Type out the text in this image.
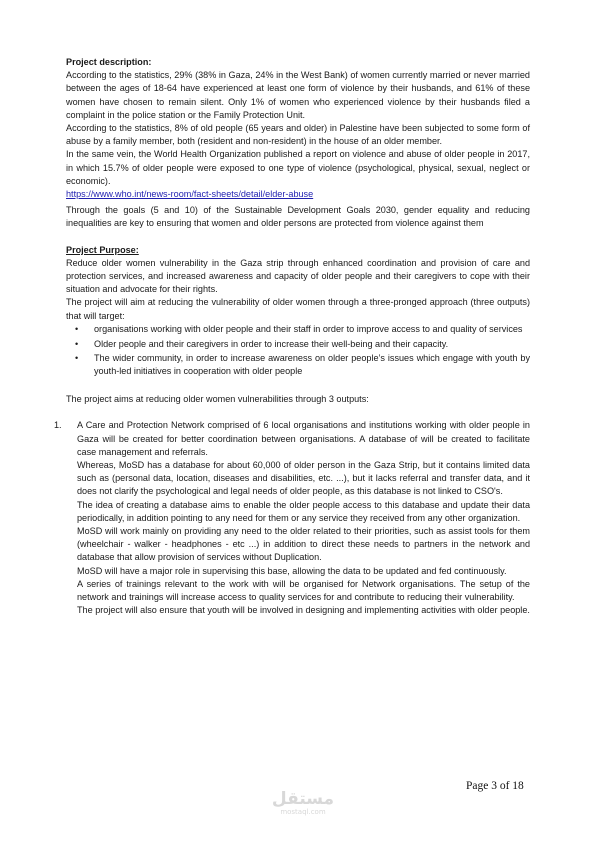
Project description:

According to the statistics, 29% (38% in Gaza, 24% in the West Bank) of women currently married or never married between the ages of 18-64 have experienced at least one form of violence by their husbands, and 61% of these women have chosen to remain silent. Only 1% of women who experienced violence by their husbands filed a complaint in the police station or the Family Protection Unit.

According to the statistics, 8% of old people (65 years and older) in Palestine have been subjected to some form of abuse by a family member, both (resident and non-resident) in the house of an older member.

In the same vein, the World Health Organization published a report on violence and abuse of older people in 2017, in which 15.7% of older people were exposed to one type of violence (psychological, physical, sexual, neglect or economic).

https://www.who.int/news-room/fact-sheets/detail/elder-abuse

Through the goals (5 and 10) of the Sustainable Development Goals 2030, gender equality and reducing inequalities are key to ensuring that women and older persons are protected from violence against them

Project Purpose:

Reduce older women vulnerability in the Gaza strip through enhanced coordination and provision of care and protection services, and increased awareness and capacity of older people and their caregivers to cope with their situation and advocate for their rights.

The project will aim at reducing the vulnerability of older women through a three-pronged approach (three outputs) that will target:

• organisations working with older people and their staff in order to improve access to and quality of services
• Older people and their caregivers in order to increase their well-being and their capacity.
• The wider community, in order to increase awareness on older people’s issues which engage with youth by youth-led initiatives in cooperation with older people

The project aims at reducing older women vulnerabilities through 3 outputs:

1. A Care and Protection Network comprised of 6 local organisations and institutions working with older people in Gaza will be created for better coordination between organisations. A database of will be created to facilitate case management and referrals.

Whereas, MoSD has a database for about 60,000 of older person in the Gaza Strip, but it contains limited data such as (personal data, location, diseases and disabilities, etc. ...), but it lacks referral and transfer data, and it does not clarify the psychological and legal needs of older people, as this database is not linked to CSO's.

The idea of creating a database aims to enable the older people access to this database and update their data periodically, in addition pointing to any need for them or any service they received from any other organization.

MoSD will work mainly on providing any need to the older related to their priorities, such as assist tools for them (wheelchair - walker - headphones - etc ...) in addition to direct these needs to partners in the network and database that allow provision of services without Duplication.

MoSD will have a major role in supervising this base, allowing the data to be updated and fed continuously.

A series of trainings relevant to the work with will be organised for Network organisations. The setup of the network and trainings will increase access to quality services for and contribute to reducing their vulnerability.

The project will also ensure that youth will be involved in designing and implementing activities with older people.

مستقل
mostaql.com
Page 3 of 18
